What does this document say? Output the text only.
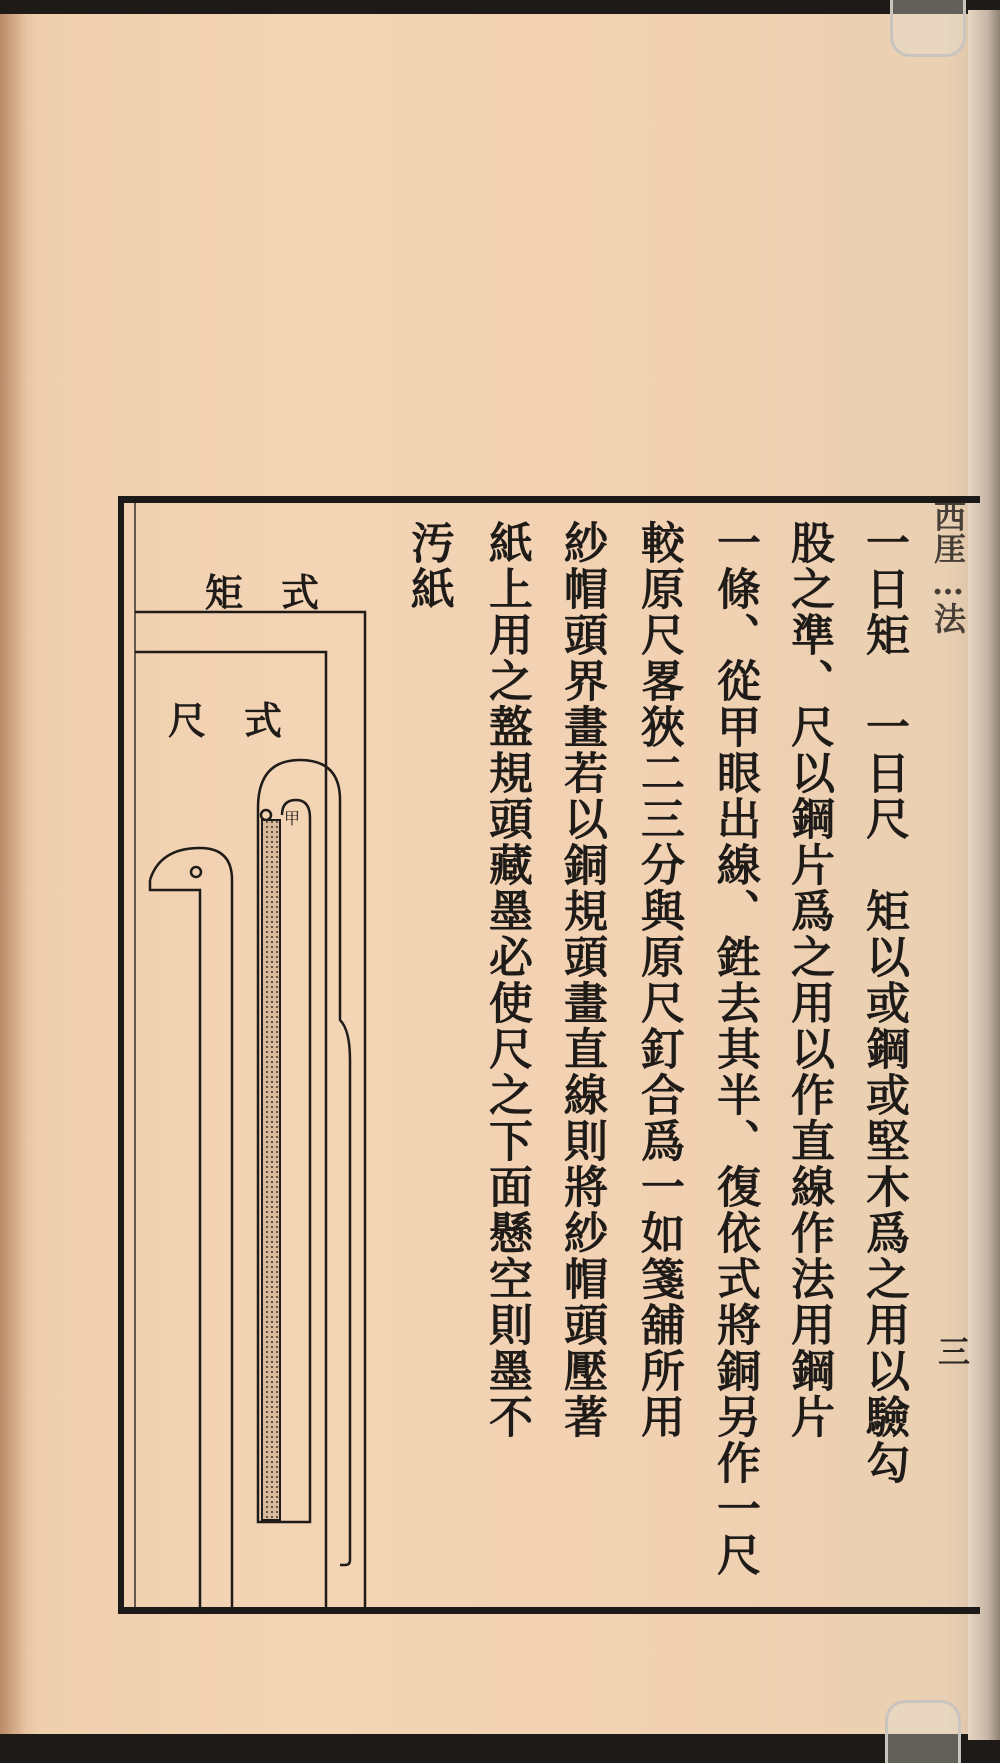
西厓…法
三
一日矩　一日尺　矩以或鋼或堅木爲之用以驗勾
股之準、尺以鋼片爲之用以作直線作法用鋼片
一條、從甲眼出線、鉎去其半、復依式將銅另作一尺
較原尺畧狹二三分與原尺釘合爲一如箋舖所用
紗帽頭界畫若以銅規頭畫直線則將紗帽頭壓著
紙上用之盩規頭藏墨必使尺之下面懸空則墨不
汚紙
矩式
尺式
甲
